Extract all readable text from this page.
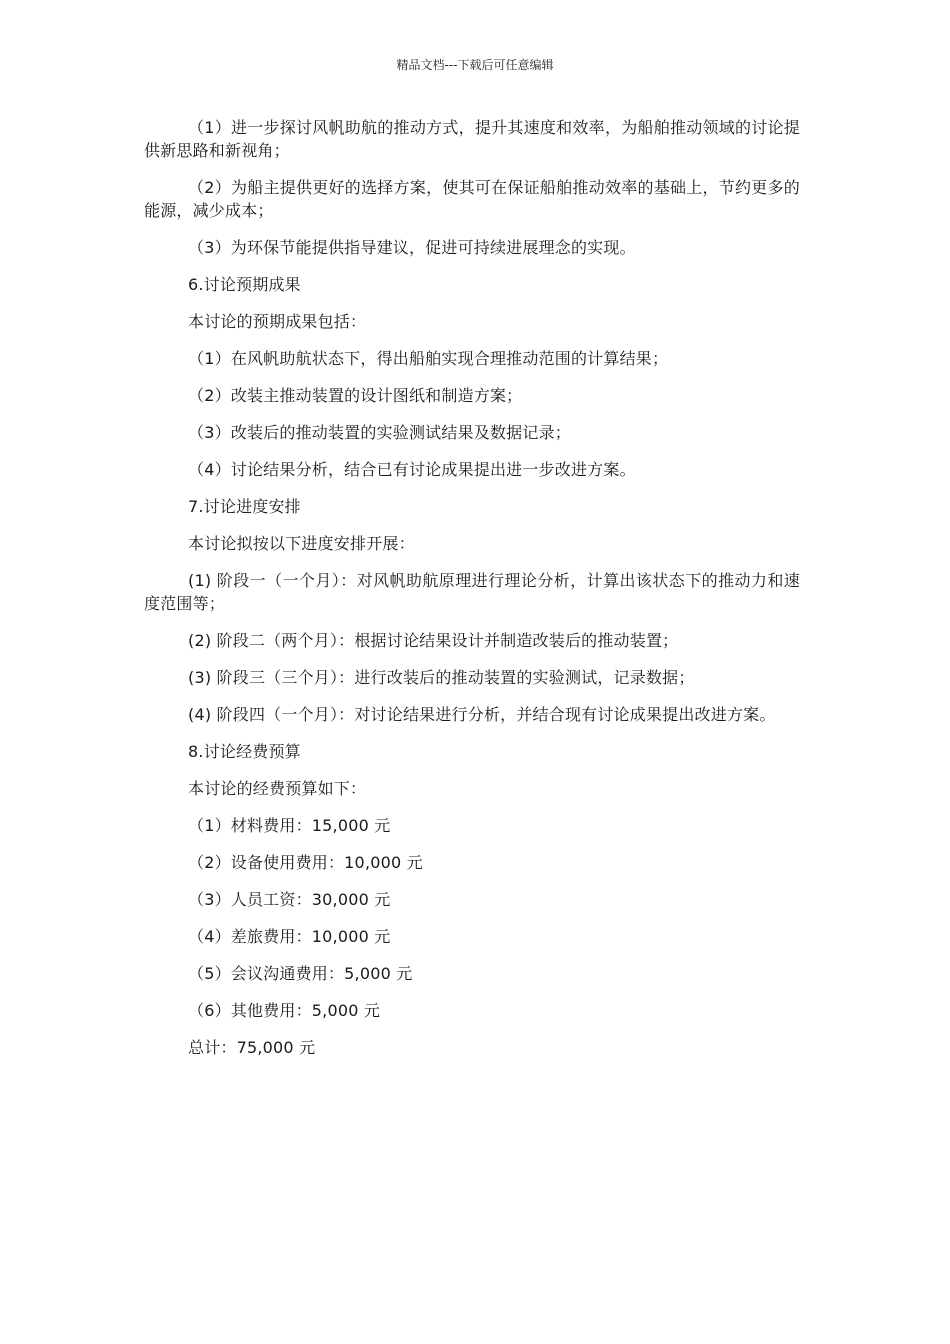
精品文档---下载后可任意编辑

（1）进一步探讨风帆助航的推动方式，提升其速度和效率，为船舶推动领域的讨论提供新思路和新视角；

（2）为船主提供更好的选择方案，使其可在保证船舶推动效率的基础上，节约更多的能源，减少成本；

（3）为环保节能提供指导建议，促进可持续进展理念的实现。

6.讨论预期成果

本讨论的预期成果包括：

（1）在风帆助航状态下，得出船舶实现合理推动范围的计算结果；

（2）改装主推动装置的设计图纸和制造方案；

（3）改装后的推动装置的实验测试结果及数据记录；

（4）讨论结果分析，结合已有讨论成果提出进一步改进方案。

7.讨论进度安排

本讨论拟按以下进度安排开展：

(1) 阶段一（一个月）：对风帆助航原理进行理论分析，计算出该状态下的推动力和速度范围等；

(2) 阶段二（两个月）：根据讨论结果设计并制造改装后的推动装置；

(3) 阶段三（三个月）：进行改装后的推动装置的实验测试，记录数据；

(4) 阶段四（一个月）：对讨论结果进行分析，并结合现有讨论成果提出改进方案。

8.讨论经费预算

本讨论的经费预算如下：

（1）材料费用：15,000 元

（2）设备使用费用：10,000 元

（3）人员工资：30,000 元

（4）差旅费用：10,000 元

（5）会议沟通费用：5,000 元

（6）其他费用：5,000 元

总计：75,000 元
